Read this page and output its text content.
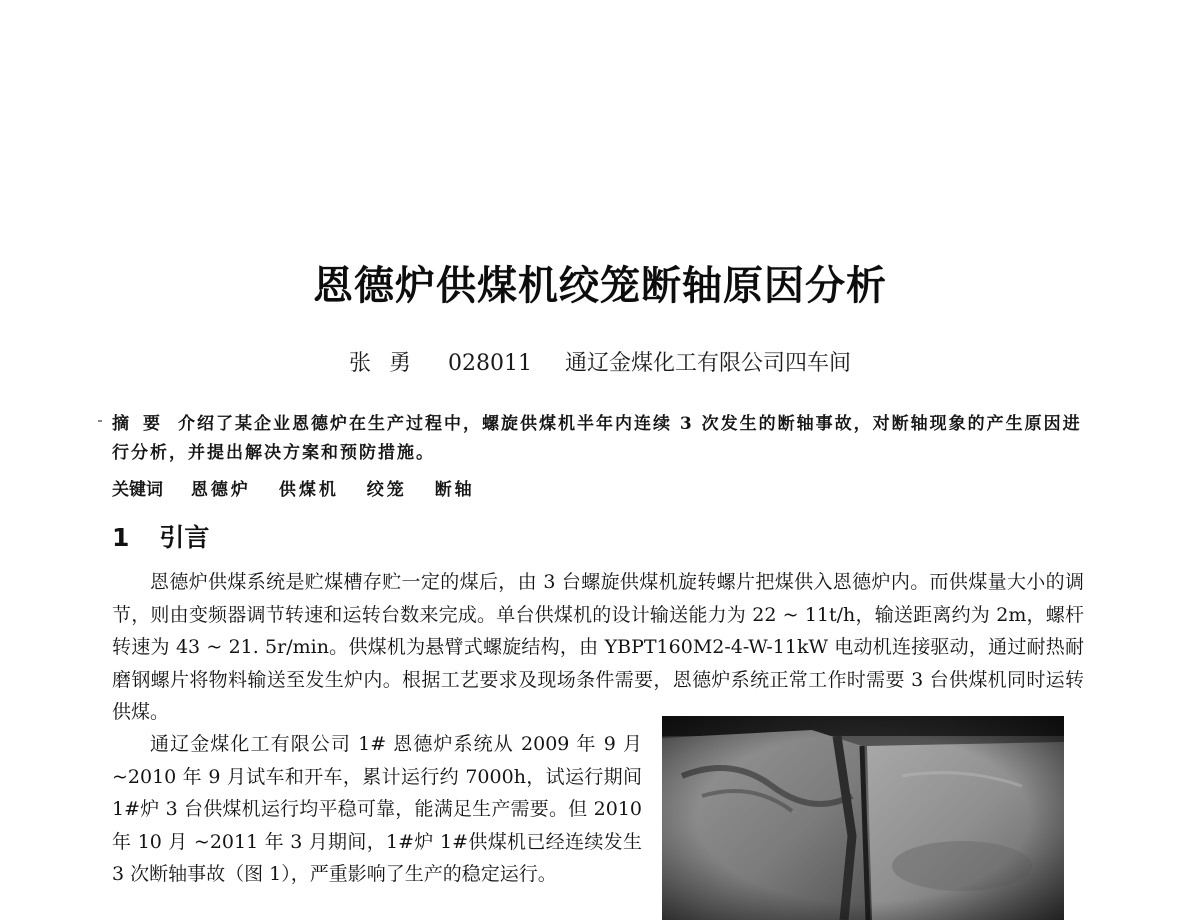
恩德炉供煤机绞笼断轴原因分析
张勇 028011 通辽金煤化工有限公司四车间
摘要 介绍了某企业恩德炉在生产过程中，螺旋供煤机半年内连续 3 次发生的断轴事故，对断轴现象的产生原因进行分析，并提出解决方案和预防措施。
关键词 恩德炉 供煤机 绞笼 断轴
1 引言
恩德炉供煤系统是贮煤槽存贮一定的煤后，由 3 台螺旋供煤机旋转螺片把煤供入恩德炉内。而供煤量大小的调节，则由变频器调节转速和运转台数来完成。单台供煤机的设计输送能力为 22 ~ 11t/h，输送距离约为 2m，螺杆转速为 43 ~ 21. 5r/min。供煤机为悬臂式螺旋结构，由 YBPT160M2-4-W-11kW 电动机连接驱动，通过耐热耐磨钢螺片将物料输送至发生炉内。根据工艺要求及现场条件需要，恩德炉系统正常工作时需要 3 台供煤机同时运转供煤。
通辽金煤化工有限公司 1# 恩德炉系统从 2009 年 9 月 ~2010 年 9 月试车和开车，累计运行约 7000h，试运行期间 1#炉 3 台供煤机运行均平稳可靠，能满足生产需要。但 2010 年 10 月 ~2011 年 3 月期间，1#炉 1#供煤机已经连续发生 3 次断轴事故（图 1），严重影响了生产的稳定运行。
